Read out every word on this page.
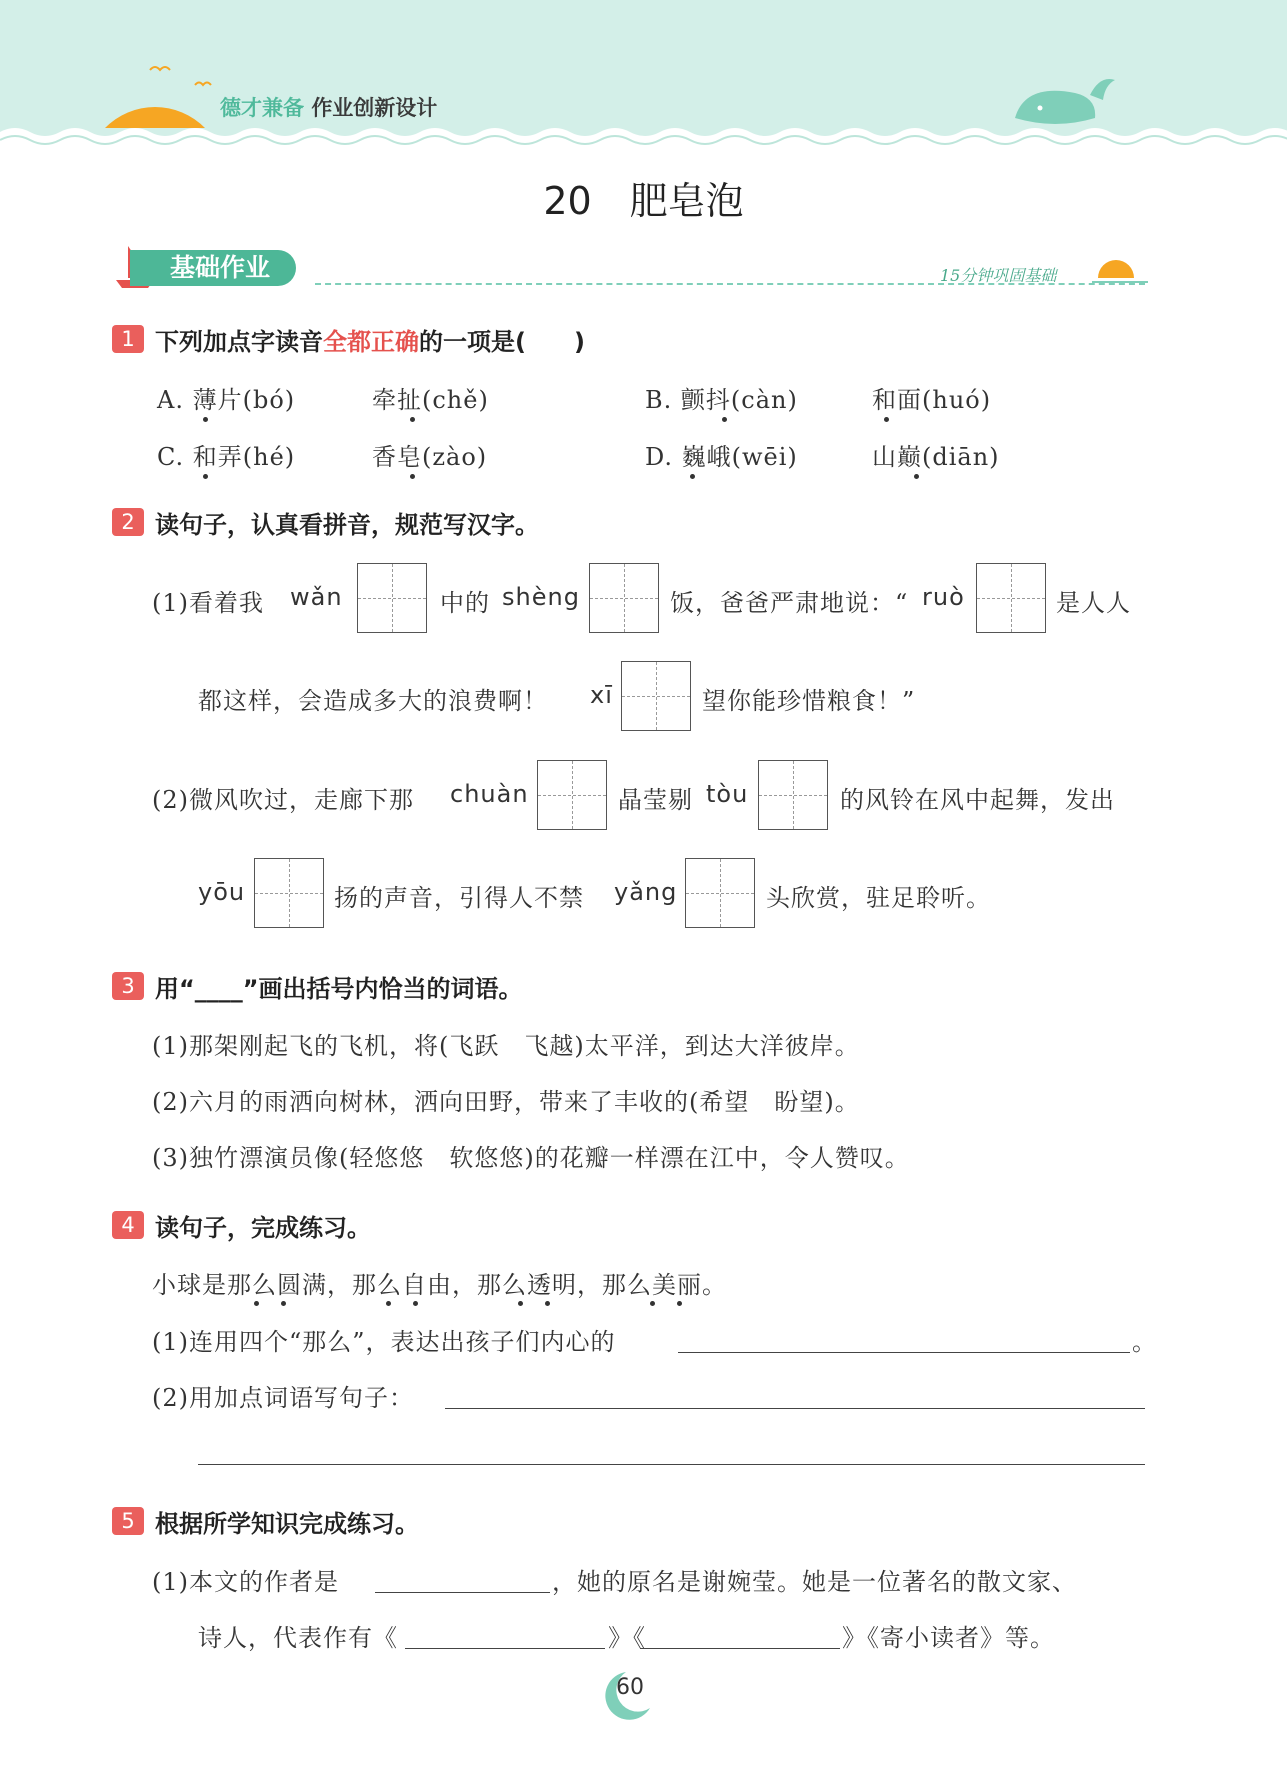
德才兼备 作业创新设计
20　肥皂泡
基础作业	15分钟巩固基础
1 下列加点字读音全都正确的一项是(　　)
A. 薄片(bó)	牵扯(chě)	B. 颤抖(càn)	和面(huó)
C. 和弄(hé)	香皂(zào)	D. 巍峨(wēi)	山巅(diān)
2 读句子，认真看拼音，规范写汉字。
(1)看着我 wǎn	中的 shèng	饭，爸爸严肃地说：“ ruò	是人人
都这样，会造成多大的浪费啊！ xī	望你能珍惜粮食！”
(2)微风吹过，走廊下那 chuàn	晶莹剔 tòu	的风铃在风中起舞，发出
yōu	扬的声音，引得人不禁 yǎng	头欣赏，驻足聆听。
3 用“____”画出括号内恰当的词语。
(1)那架刚起飞的飞机，将(飞跃　飞越)太平洋，到达大洋彼岸。
(2)六月的雨洒向树林，洒向田野，带来了丰收的(希望　盼望)。
(3)独竹漂演员像(轻悠悠　软悠悠)的花瓣一样漂在江中，令人赞叹。
4 读句子，完成练习。
小球是那么圆满，那么自由，那么透明，那么美丽。
(1)连用四个“那么”，表达出孩子们内心的	。
(2)用加点词语写句子：
5 根据所学知识完成练习。
(1)本文的作者是	，她的原名是谢婉莹。她是一位著名的散文家、
诗人，代表作有《	》《	》《寄小读者》等。
60
